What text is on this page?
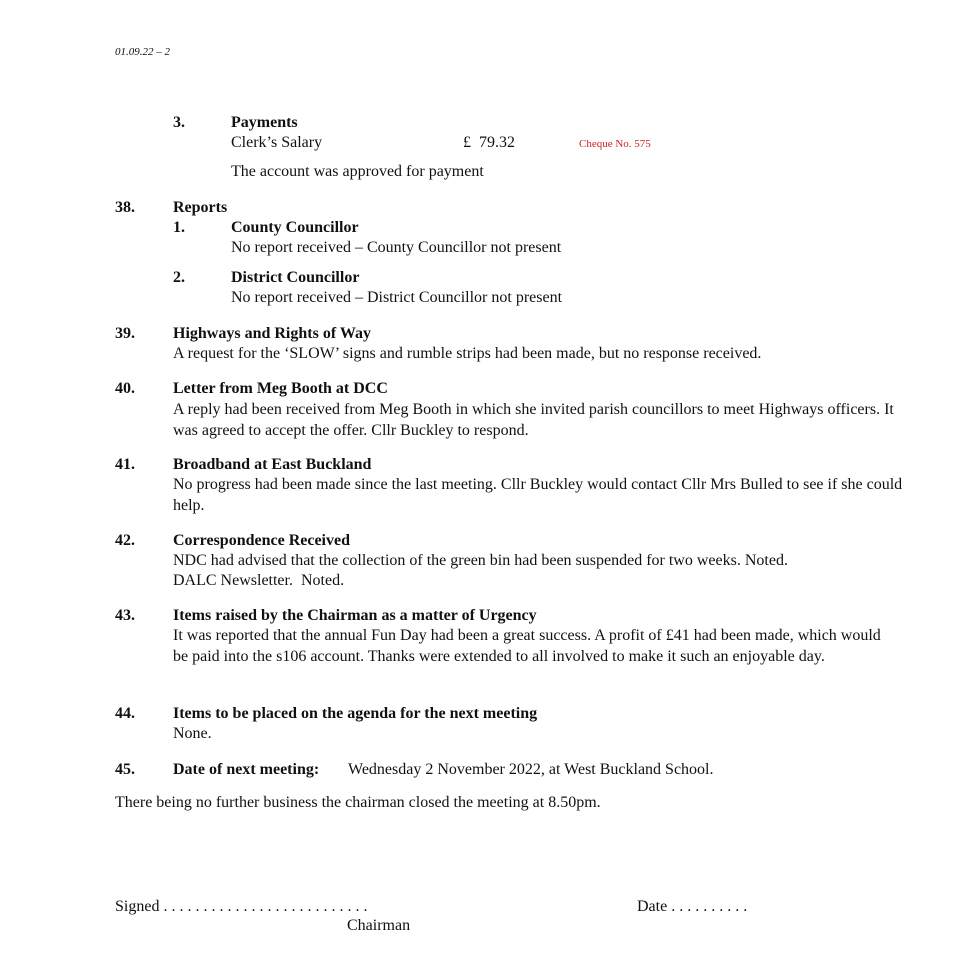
01.09.22 – 2
3.	Payments
Clerk’s Salary	£  79.32	Cheque No. 575
The account was approved for payment
38. Reports
1.	County Councillor
No report received – County Councillor not present
2.	District Councillor
No report received – District Councillor not present
39. Highways and Rights of Way
A request for the ‘SLOW’ signs and rumble strips had been made, but no response received.
40. Letter from Meg Booth at DCC
A reply had been received from Meg Booth in which she invited parish councillors to meet Highways officers. It was agreed to accept the offer. Cllr Buckley to respond.
41. Broadband at East Buckland
No progress had been made since the last meeting. Cllr Buckley would contact Cllr Mrs Bulled to see if she could help.
42. Correspondence Received
NDC had advised that the collection of the green bin had been suspended for two weeks. Noted.
DALC Newsletter.  Noted.
43. Items raised by the Chairman as a matter of Urgency
It was reported that the annual Fun Day had been a great success. A profit of £41 had been made, which would be paid into the s106 account. Thanks were extended to all involved to make it such an enjoyable day.
44. Items to be placed on the agenda for the next meeting
None.
45. Date of next meeting: Wednesday 2 November 2022, at West Buckland School.
There being no further business the chairman closed the meeting at 8.50pm.
Signed . . . . . . . . . . . . . . . . . . . . . . . . . .
Chairman
Date . . . . . . . . . .
